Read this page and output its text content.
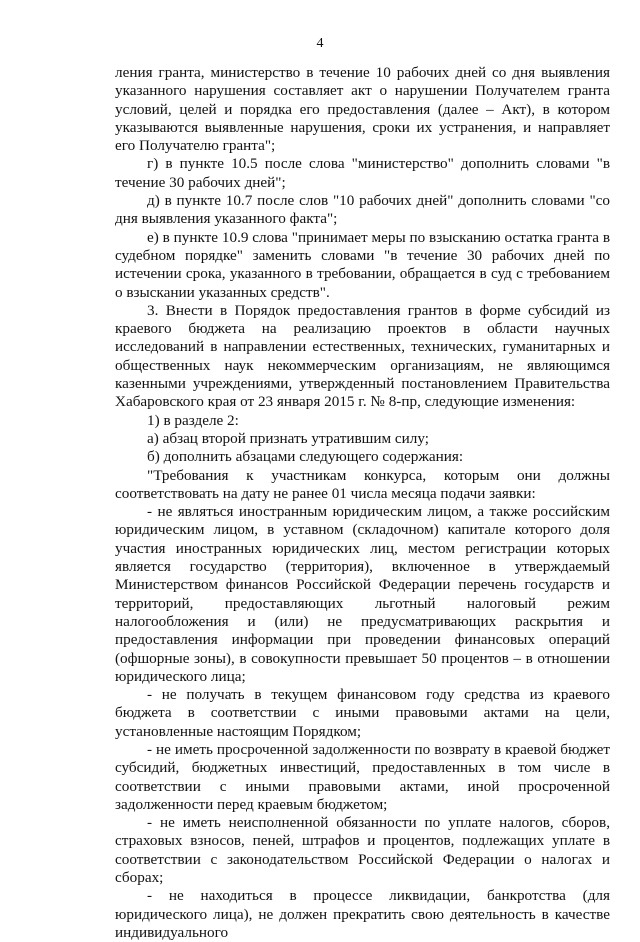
4

ления гранта, министерство в течение 10 рабочих дней со дня выявления указанного нарушения составляет акт о нарушении Получателем гранта условий, целей и порядка его предоставления (далее – Акт), в котором указываются выявленные нарушения, сроки их устранения, и направляет его Получателю гранта";

г) в пункте 10.5 после слова "министерство" дополнить словами "в течение 30 рабочих дней";

д) в пункте 10.7 после слов "10 рабочих дней" дополнить словами "со дня выявления указанного факта";

е) в пункте 10.9 слова "принимает меры по взысканию остатка гранта в судебном порядке" заменить словами "в течение 30 рабочих дней по истечении срока, указанного в требовании, обращается в суд с требованием о взыскании указанных средств".

3. Внести в Порядок предоставления грантов в форме субсидий из краевого бюджета на реализацию проектов в области научных исследований в направлении естественных, технических, гуманитарных и общественных наук некоммерческим организациям, не являющимся казенными учреждениями, утвержденный постановлением Правительства Хабаровского края от 23 января 2015 г. № 8-пр, следующие изменения:

1) в разделе 2:

а) абзац второй признать утратившим силу;

б) дополнить абзацами следующего содержания:

"Требования к участникам конкурса, которым они должны соответствовать на дату не ранее 01 числа месяца подачи заявки:

- не являться иностранным юридическим лицом, а также российским юридическим лицом, в уставном (складочном) капитале которого доля участия иностранных юридических лиц, местом регистрации которых является государство (территория), включенное в утверждаемый Министерством финансов Российской Федерации перечень государств и территорий, предоставляющих льготный налоговый режим налогообложения и (или) не предусматривающих раскрытия и предоставления информации при проведении финансовых операций (офшорные зоны), в совокупности превышает 50 процентов – в отношении юридического лица;

- не получать в текущем финансовом году средства из краевого бюджета в соответствии с иными правовыми актами на цели, установленные настоящим Порядком;

- не иметь просроченной задолженности по возврату в краевой бюджет субсидий, бюджетных инвестиций, предоставленных в том числе в соответствии с иными правовыми актами, иной просроченной задолженности перед краевым бюджетом;

- не иметь неисполненной обязанности по уплате налогов, сборов, страховых взносов, пеней, штрафов и процентов, подлежащих уплате в соответствии с законодательством Российской Федерации о налогах и сборах;

- не находиться в процессе ликвидации, банкротства (для юридического лица), не должен прекратить свою деятельность в качестве индивидуального
